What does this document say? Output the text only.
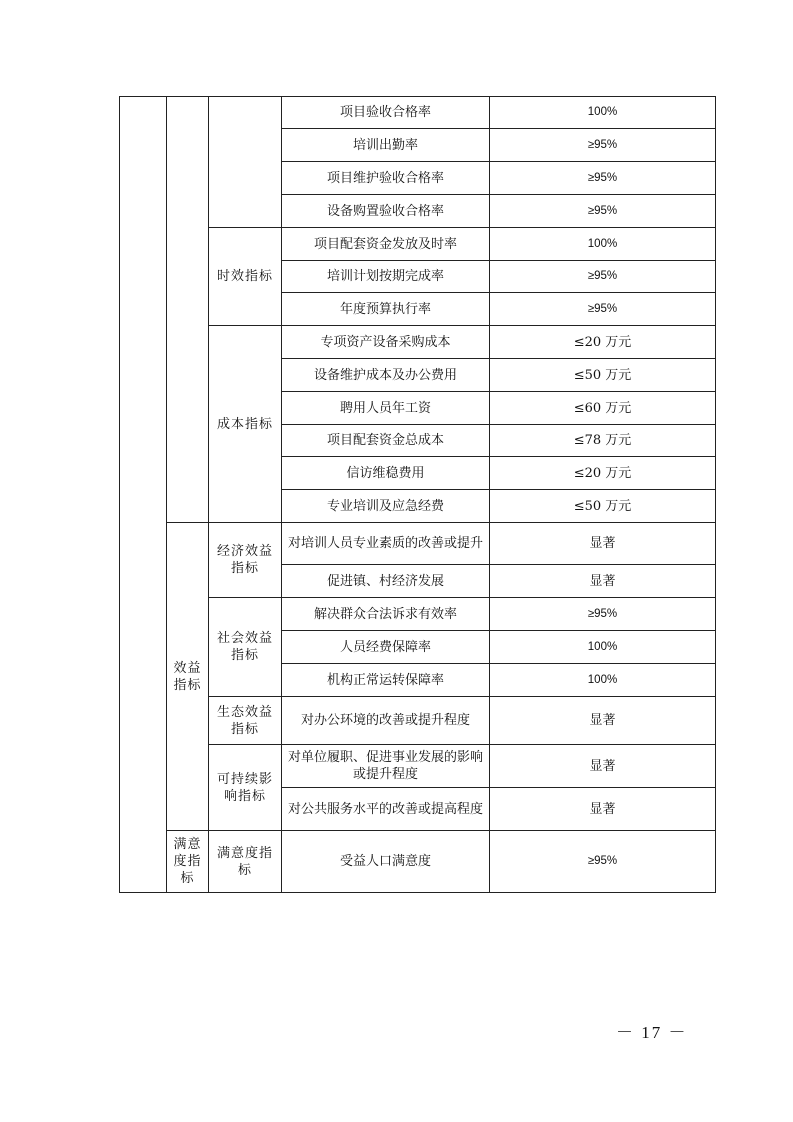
			项目验收合格率	100%
			培训出勤率	≥95%
			项目维护验收合格率	≥95%
			设备购置验收合格率	≥95%
		时效指标	项目配套资金发放及时率	100%
			培训计划按期完成率	≥95%
			年度预算执行率	≥95%
		成本指标	专项资产设备采购成本	≤20 万元
			设备维护成本及办公费用	≤50 万元
			聘用人员年工资	≤60 万元
			项目配套资金总成本	≤78 万元
			信访维稳费用	≤20 万元
			专业培训及应急经费	≤50 万元
	效益指标	经济效益指标	对培训人员专业素质的改善或提升	显著
			促进镇、村经济发展	显著
		社会效益指标	解决群众合法诉求有效率	≥95%
			人员经费保障率	100%
			机构正常运转保障率	100%
		生态效益指标	对办公环境的改善或提升程度	显著
		可持续影响指标	对单位履职、促进事业发展的影响或提升程度	显著
			对公共服务水平的改善或提高程度	显著
	满意度指标	满意度指标	受益人口满意度	≥95%
－ 17 －
